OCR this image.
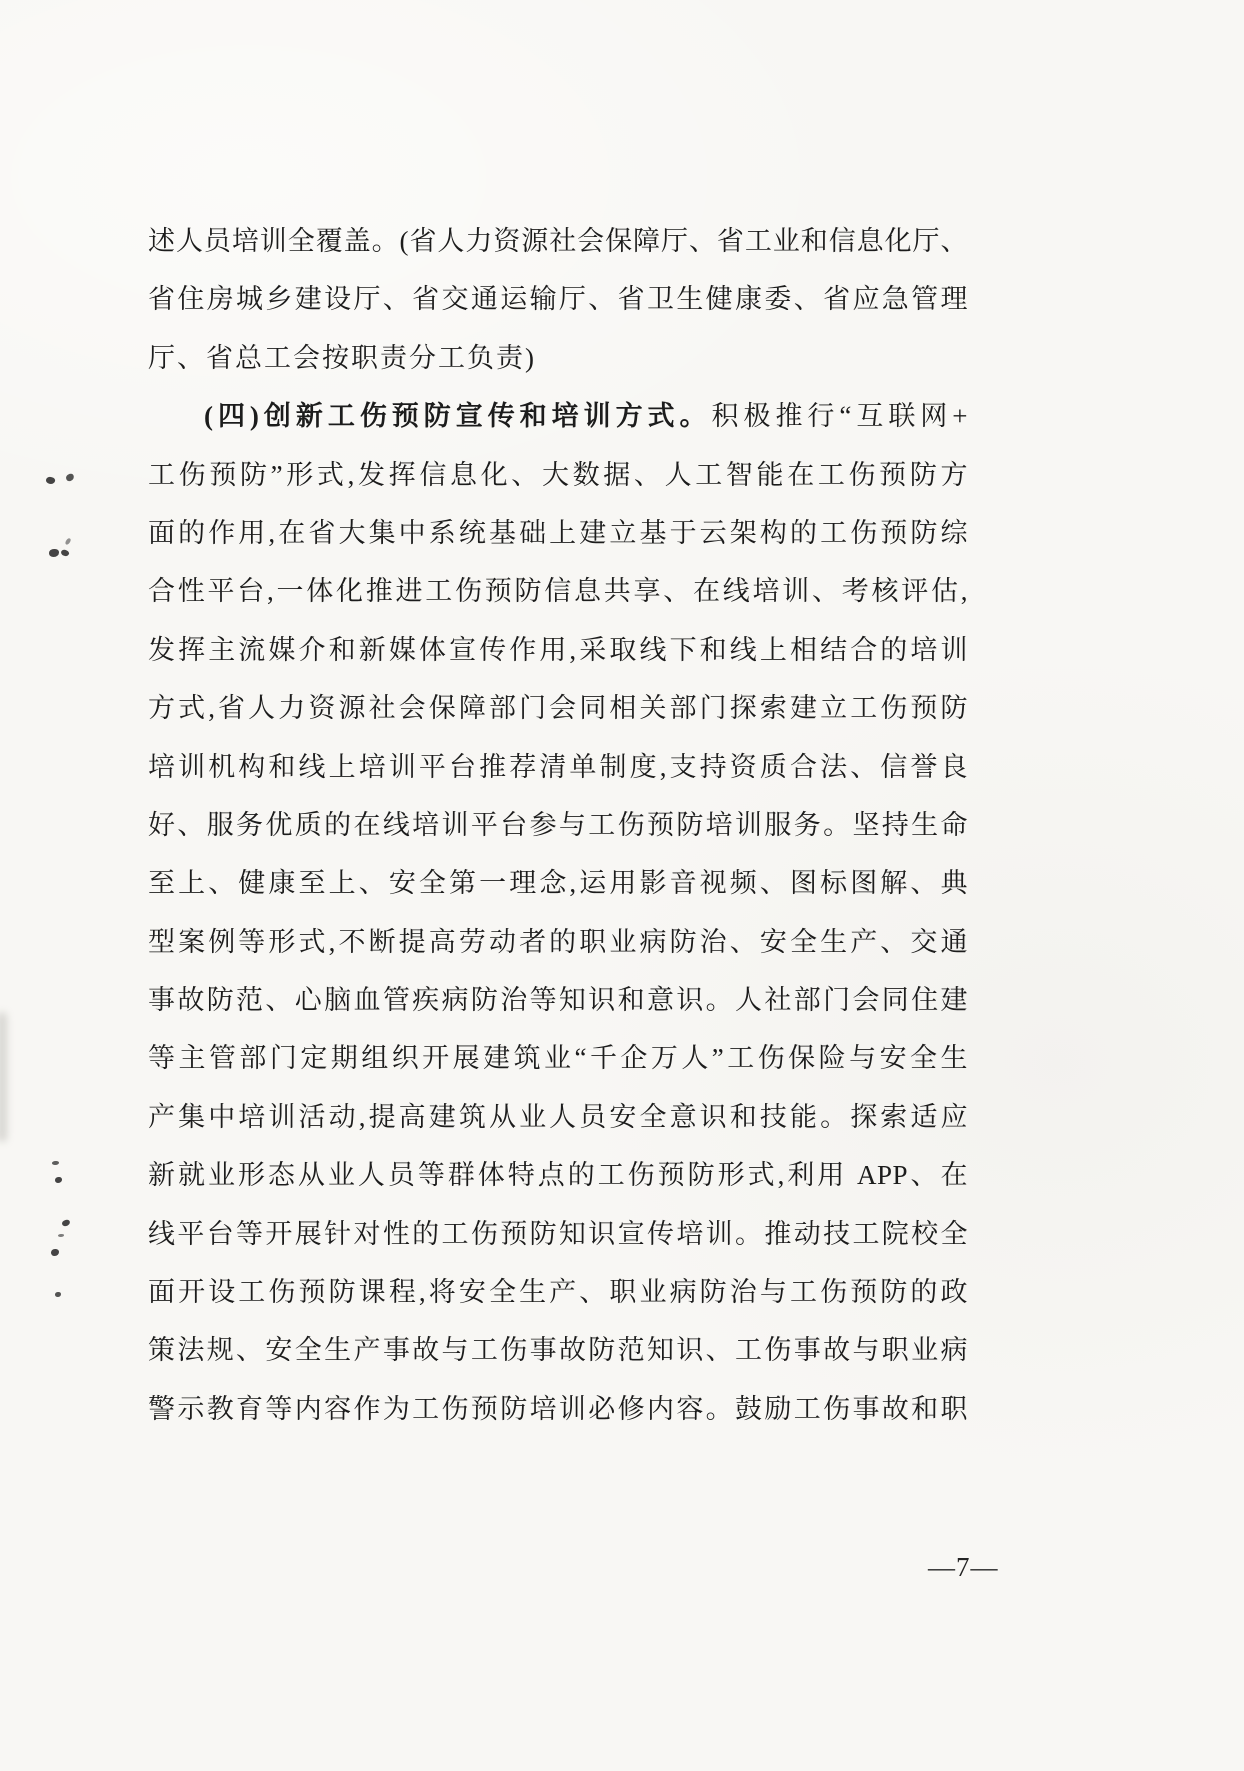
述人员培训全覆盖。(省人力资源社会保障厅、省工业和信息化厅、
省住房城乡建设厅、省交通运输厅、省卫生健康委、省应急管理
厅、省总工会按职责分工负责)
(四)创新工伤预防宣传和培训方式。积极推行“互联网+
工伤预防”形式,发挥信息化、大数据、人工智能在工伤预防方
面的作用,在省大集中系统基础上建立基于云架构的工伤预防综
合性平台,一体化推进工伤预防信息共享、在线培训、考核评估,
发挥主流媒介和新媒体宣传作用,采取线下和线上相结合的培训
方式,省人力资源社会保障部门会同相关部门探索建立工伤预防
培训机构和线上培训平台推荐清单制度,支持资质合法、信誉良
好、服务优质的在线培训平台参与工伤预防培训服务。坚持生命
至上、健康至上、安全第一理念,运用影音视频、图标图解、典
型案例等形式,不断提高劳动者的职业病防治、安全生产、交通
事故防范、心脑血管疾病防治等知识和意识。人社部门会同住建
等主管部门定期组织开展建筑业“千企万人”工伤保险与安全生
产集中培训活动,提高建筑从业人员安全意识和技能。探索适应
新就业形态从业人员等群体特点的工伤预防形式,利用 APP、在
线平台等开展针对性的工伤预防知识宣传培训。推动技工院校全
面开设工伤预防课程,将安全生产、职业病防治与工伤预防的政
策法规、安全生产事故与工伤事故防范知识、工伤事故与职业病
警示教育等内容作为工伤预防培训必修内容。鼓励工伤事故和职
—7—
